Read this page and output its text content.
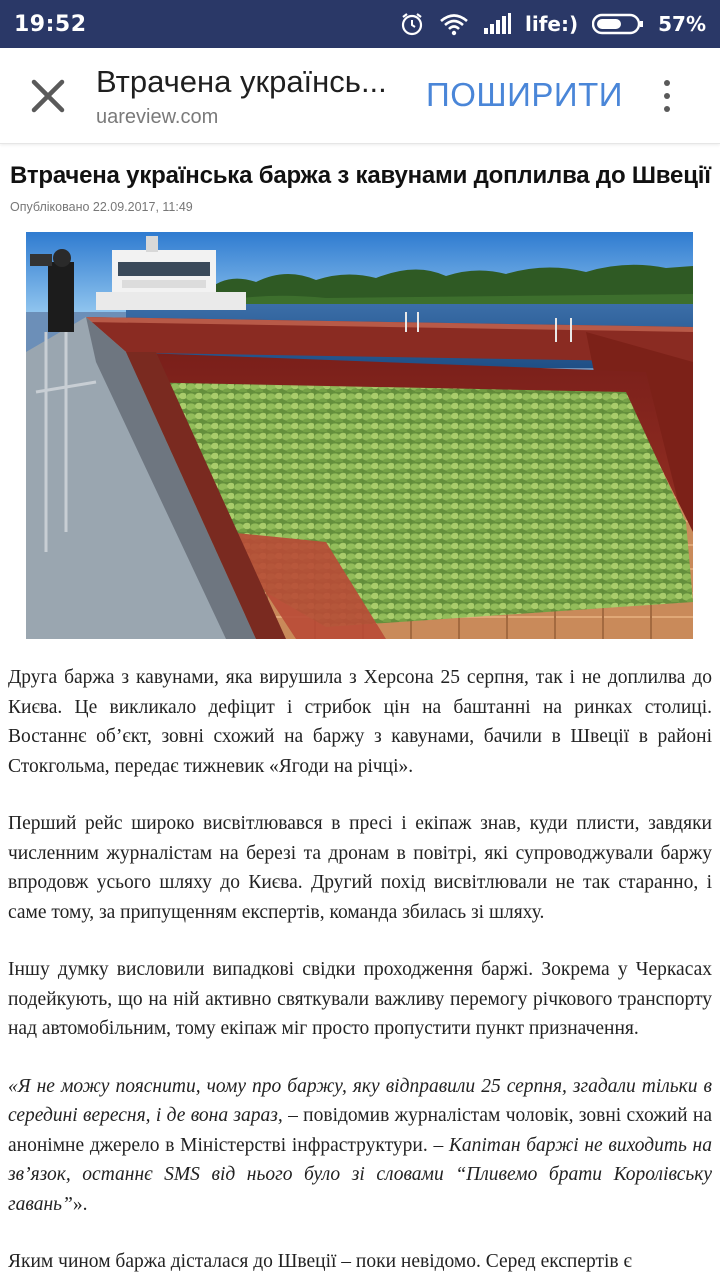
19:52	life:)	57%
Втрачена українсь...
uareview.com
ПОШИРИТИ
Втрачена українська баржа з кавунами доплилва до Швеції
Опубліковано 22.09.2017, 11:49

Друга баржа з кавунами, яка вирушила з Херсона 25 серпня, так і не доплилва до Києва. Це викликало дефіцит і стрибок цін на баштанні на ринках столиці. Востаннє об’єкт, зовні схожий на баржу з кавунами, бачили в Швеції в районі Стокгольма, передає тижневик «Ягоди на річці».

Перший рейс широко висвітлювався в пресі і екіпаж знав, куди плисти, завдяки численним журналістам на березі та дронам в повітрі, які супроводжували баржу впродовж усього шляху до Києва. Другий похід висвітлювали не так старанно, і саме тому, за припущенням експертів, команда збилась зі шляху.

Іншу думку висловили випадкові свідки проходження баржі. Зокрема у Черкасах подейкують, що на ній активно святкували важливу перемогу річкового транспорту над автомобільним, тому екіпаж міг просто пропустити пункт призначення.

«Я не можу пояснити, чому про баржу, яку відправили 25 серпня, згадали тільки в середині вересня, і де вона зараз, – повідомив журналістам чоловік, зовні схожий на анонімне джерело в Міністерстві інфраструктури. – Капітан баржі не виходить на зв’язок, останнє SMS від нього було зі словами “Пливемо брати Королівську гавань”».

Яким чином баржа дісталася до Швеції – поки невідомо. Серед експертів є
